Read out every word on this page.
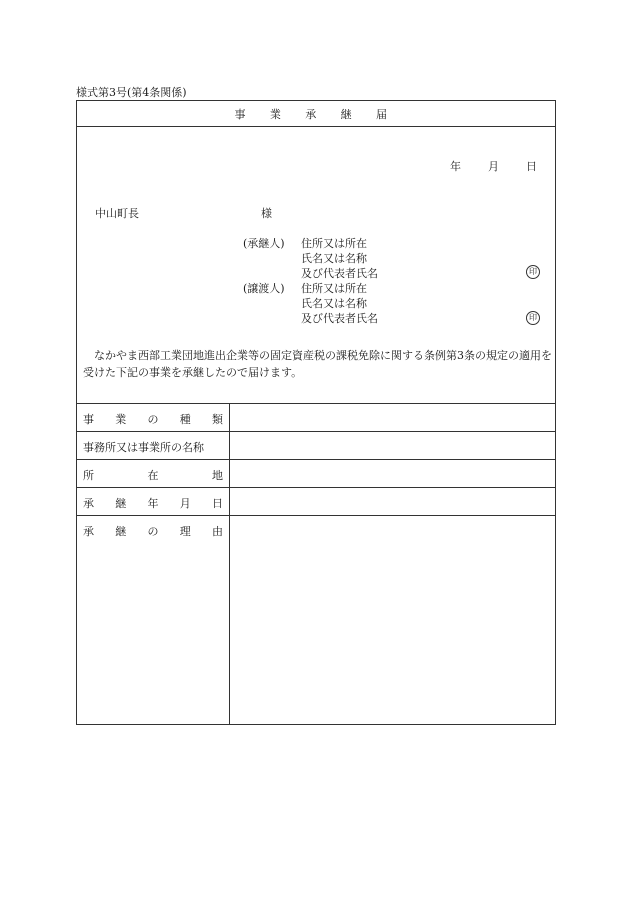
様式第3号(第4条関係)
事 業 承 継 届
年	月	日
中山町長	様
(承継人) 住所又は所在
氏名又は名称
及び代表者氏名	印
(譲渡人) 住所又は所在
氏名又は名称
及び代表者氏名	印
なかやま西部工業団地進出企業等の固定資産税の課税免除に関する条例第3条の規定の適用を受けた下記の事業を承継したので届けます。
事 業 の 種 類
事務所又は事業所の名称
所	在	地
承 継 年 月 日
承 継 の 理 由
